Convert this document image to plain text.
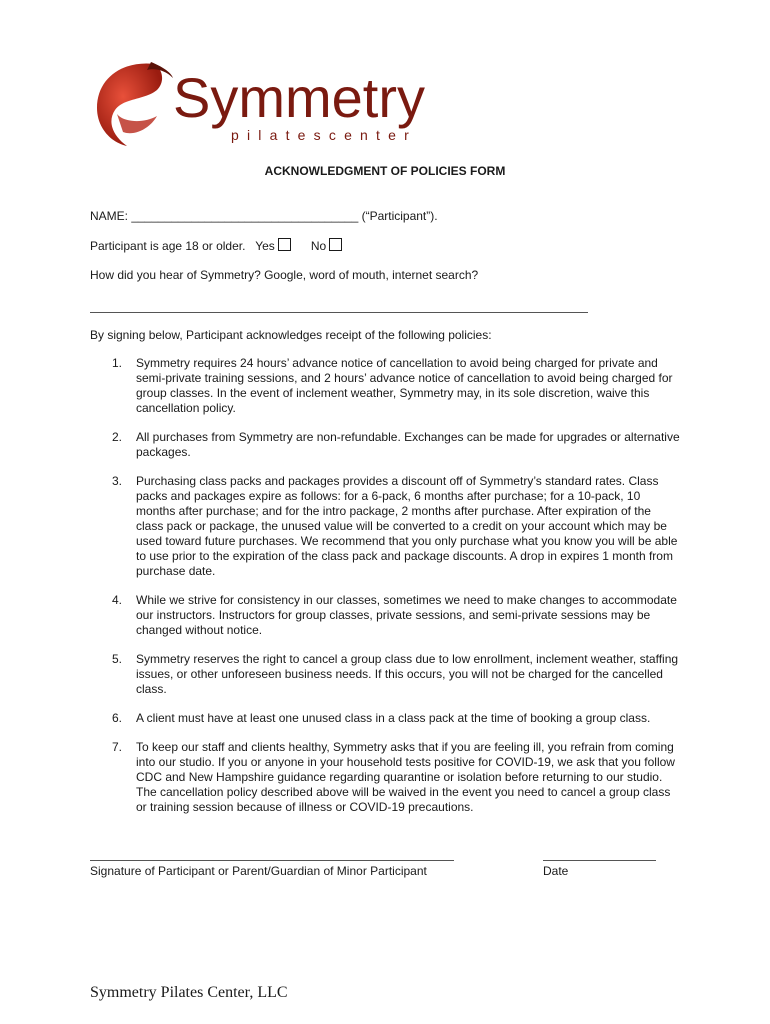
Symmetry
pilatescenter
ACKNOWLEDGMENT OF POLICIES FORM
NAME: __________________________________ (“Participant”).
Participant is age 18 or older. Yes	No
How did you hear of Symmetry? Google, word of mouth, internet search?
By signing below, Participant acknowledges receipt of the following policies:
1. Symmetry requires 24 hours’ advance notice of cancellation to avoid being charged for private and semi-private training sessions, and 2 hours’ advance notice of cancellation to avoid being charged for group classes. In the event of inclement weather, Symmetry may, in its sole discretion, waive this cancellation policy.
2. All purchases from Symmetry are non-refundable. Exchanges can be made for upgrades or alternative packages.
3. Purchasing class packs and packages provides a discount off of Symmetry’s standard rates. Class packs and packages expire as follows: for a 6-pack, 6 months after purchase; for a 10-pack, 10 months after purchase; and for the intro package, 2 months after purchase. After expiration of the class pack or package, the unused value will be converted to a credit on your account which may be used toward future purchases. We recommend that you only purchase what you know you will be able to use prior to the expiration of the class pack and package discounts. A drop in expires 1 month from purchase date.
4. While we strive for consistency in our classes, sometimes we need to make changes to accommodate our instructors. Instructors for group classes, private sessions, and semi-private sessions may be changed without notice.
5. Symmetry reserves the right to cancel a group class due to low enrollment, inclement weather, staffing issues, or other unforeseen business needs. If this occurs, you will not be charged for the cancelled class.
6. A client must have at least one unused class in a class pack at the time of booking a group class.
7. To keep our staff and clients healthy, Symmetry asks that if you are feeling ill, you refrain from coming into our studio. If you or anyone in your household tests positive for COVID-19, we ask that you follow CDC and New Hampshire guidance regarding quarantine or isolation before returning to our studio. The cancellation policy described above will be waived in the event you need to cancel a group class or training session because of illness or COVID-19 precautions.
Signature of Participant or Parent/Guardian of Minor Participant	Date
Symmetry Pilates Center, LLC
